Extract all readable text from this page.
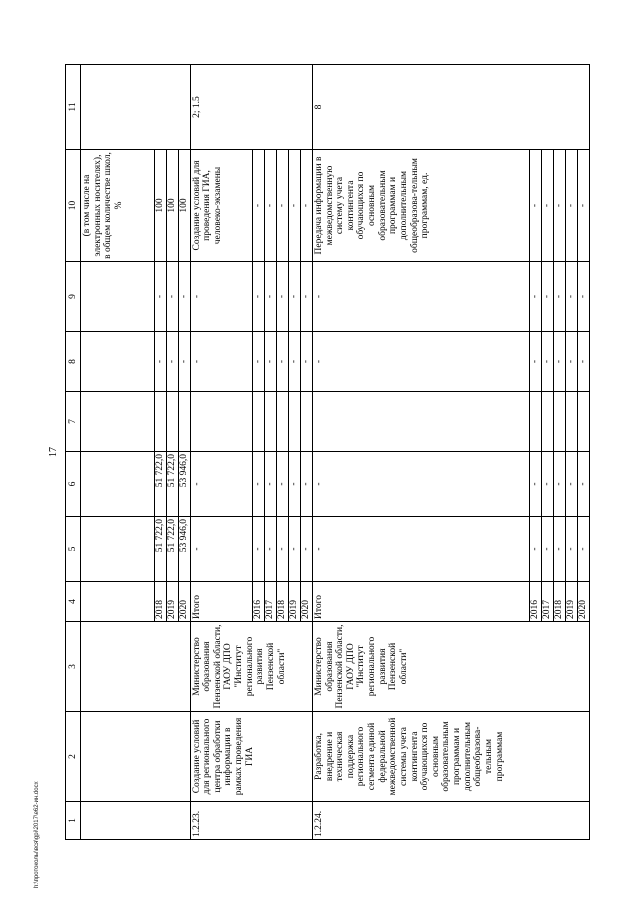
17
1	2	3	4	5	6	7	8	9	10	11
									(в том числе на электронных носителях), в общем количестве школ, %	
			2018	51 722,0	51 722,0		-	-	100	
			2019	51 722,0	51 722,0		-	-	100	
			2020	53 946,0	53 946,0		-	-	100	
1.2.23.	Создание условий для регионального центра обработки информации в рамках проведения ГИА	Министерство образования Пензенской области, ГАОУ ДПО "Институт регионального развития Пензенской области"	Итого	-	-		-	-	Создание условий для проведения ГИА, человеко-экзамены	2; 1.5
			2016	-	-		-	-	-	
			2017	-	-		-	-	-	
			2018	-	-		-	-	-	
			2019	-	-		-	-	-	
			2020	-	-		-	-	-	
1.2.24.	Разработка, внедрение и техническая поддержка регионального сегмента единой федеральной межведомственной системы учета контингента обучающихся по основным образовательным программам и дополнительным общеобразова-тельным программам	Министерство образования Пензенской области, ГАОУ ДПО "Институт регионального развития Пензенской области"	Итого	-	-		-	-	Передача информации в межведомственную систему учета контингента обучающихся по основным образовательным программам и дополнительным общеобразова-тельным программам, ед.	8
			2016	-	-		-	-	-	
			2017	-	-		-	-	-	
			2018	-	-		-	-	-	
			2019	-	-		-	-	-	
			2020	-	-		-	-	-	
h:\протоколы\вся\gpi\2017\e62-ин.docx
